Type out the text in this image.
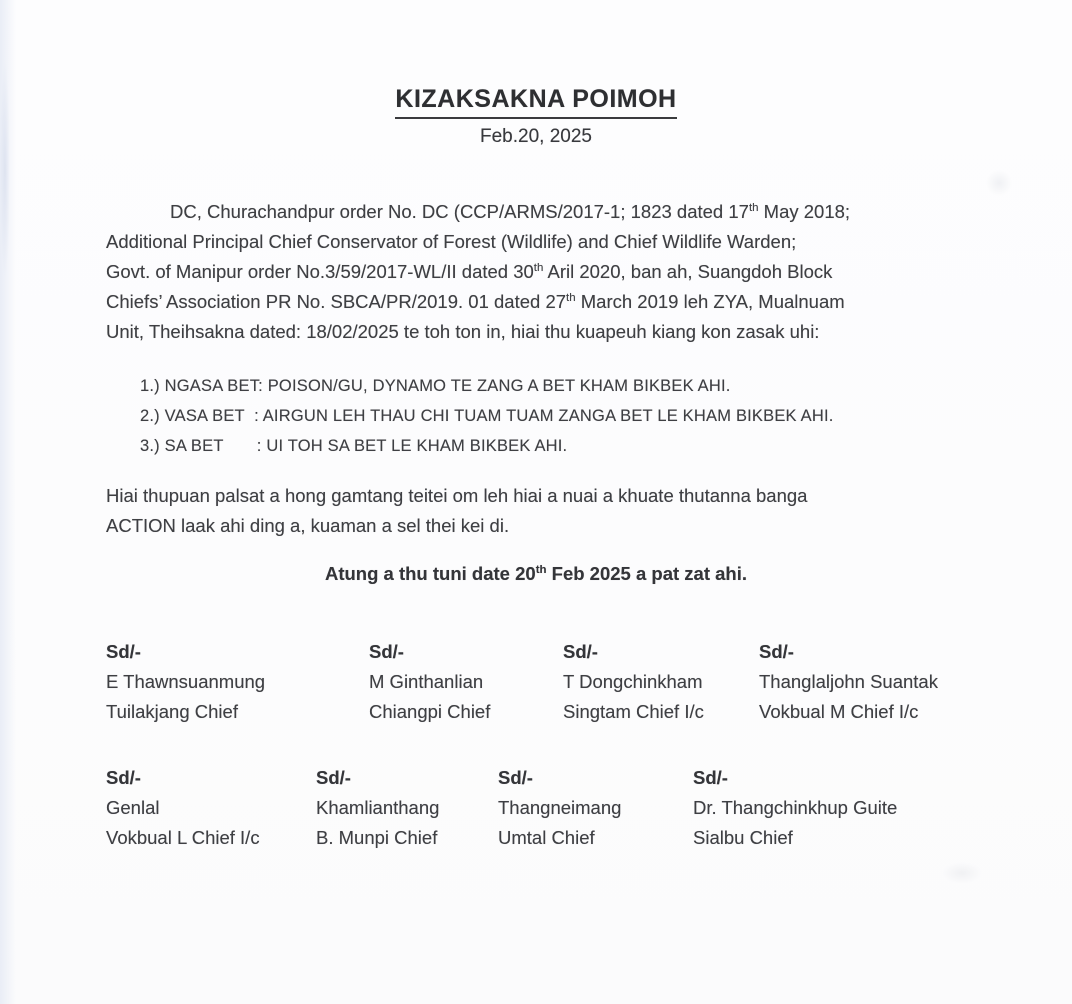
KIZAKSAKNA POIMOH
Feb.20, 2025
DC, Churachandpur order No. DC (CCP/ARMS/2017-1; 1823 dated 17th May 2018;
Additional Principal Chief Conservator of Forest (Wildlife) and Chief Wildlife Warden;
Govt. of Manipur order No.3/59/2017-WL/II dated 30th Aril 2020, ban ah, Suangdoh Block
Chiefs’ Association PR No. SBCA/PR/2019. 01 dated 27th March 2019 leh ZYA, Mualnuam
Unit, Theihsakna dated: 18/02/2025 te toh ton in, hiai thu kuapeuh kiang kon zasak uhi:
1.) NGASA BET: POISON/GU, DYNAMO TE ZANG A BET KHAM BIKBEK AHI.
2.) VASA BET  : AIRGUN LEH THAU CHI TUAM TUAM ZANGA BET LE KHAM BIKBEK AHI.
3.) SA BET       : UI TOH SA BET LE KHAM BIKBEK AHI.
Hiai thupuan palsat a hong gamtang teitei om leh hiai a nuai a khuate thutanna banga
ACTION laak ahi ding a, kuaman a sel thei kei di.
Atung a thu tuni date 20th Feb 2025 a pat zat ahi.
Sd/-
E Thawnsuanmung
Tuilakjang Chief
Sd/-
M Ginthanlian
Chiangpi Chief
Sd/-
T Dongchinkham
Singtam Chief I/c
Sd/-
Thanglaljohn Suantak
Vokbual M Chief I/c
Sd/-
Genlal
Vokbual L Chief I/c
Sd/-
Khamlianthang
B. Munpi Chief
Sd/-
Thangneimang
Umtal Chief
Sd/-
Dr. Thangchinkhup Guite
Sialbu Chief
